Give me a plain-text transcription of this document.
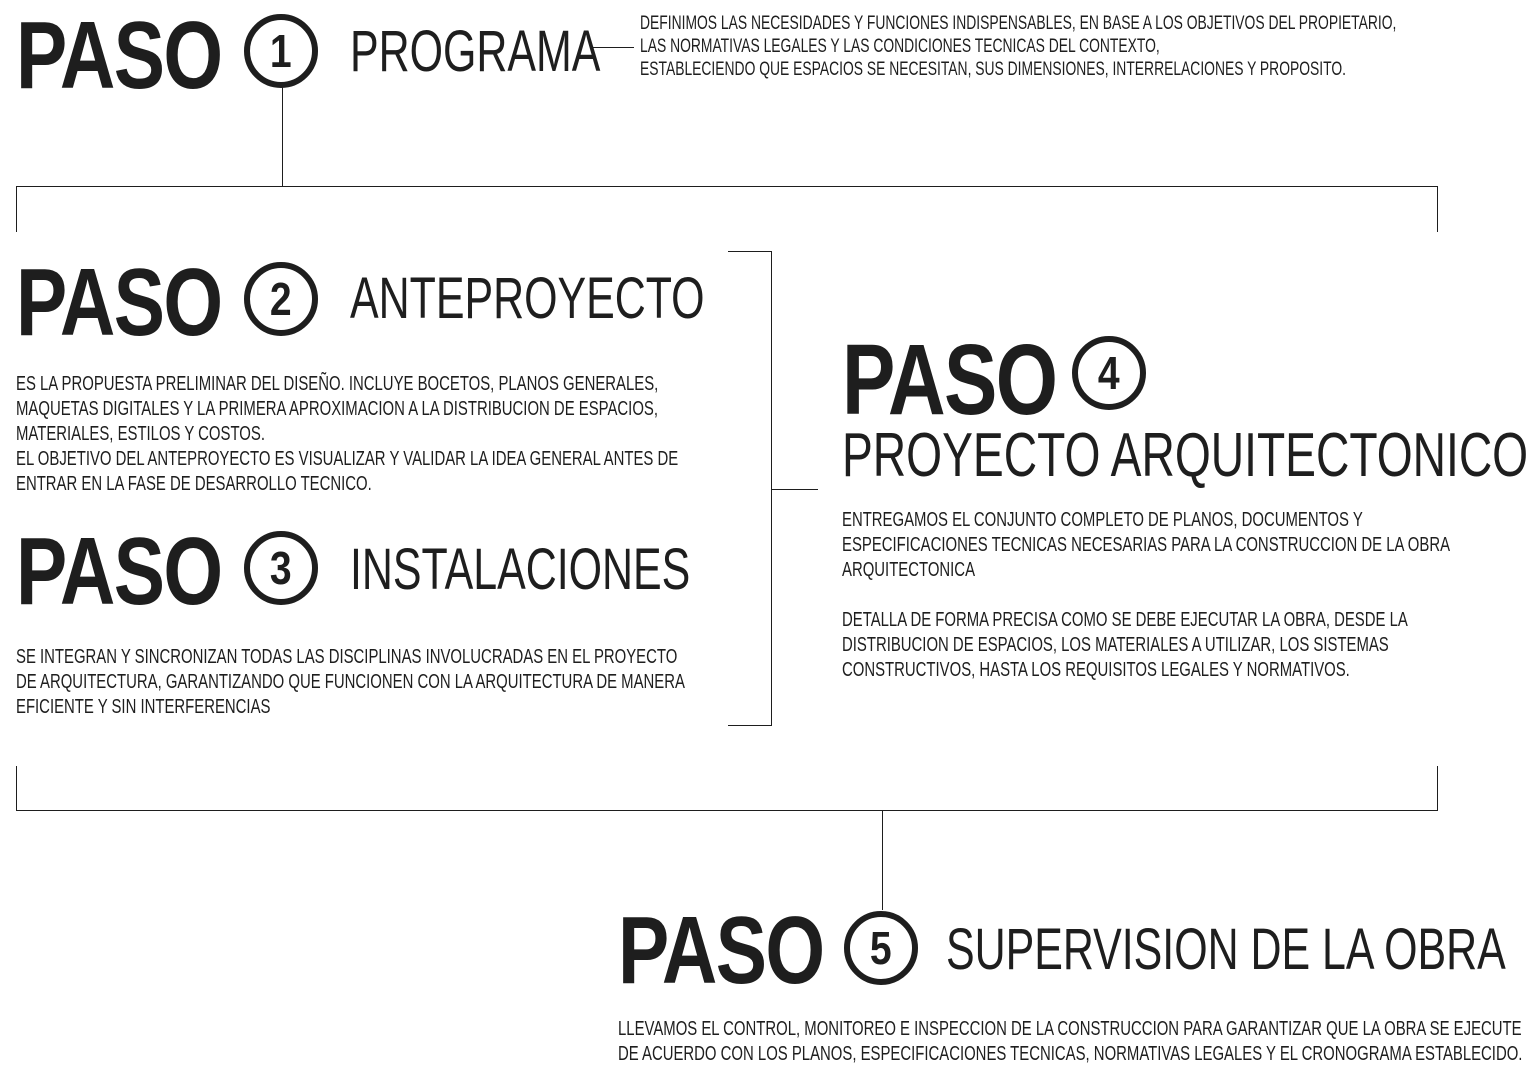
PASO 1 PROGRAMA DEFINIMOS LAS NECESIDADES Y FUNCIONES INDISPENSABLES, EN BASE A LOS OBJETIVOS DEL PROPIETARIO,
LAS NORMATIVAS LEGALES Y LAS CONDICIONES TECNICAS DEL CONTEXTO,
ESTABLECIENDO QUE ESPACIOS SE NECESITAN, SUS DIMENSIONES, INTERRELACIONES Y PROPOSITO.
PASO 2 ANTEPROYECTO
ES LA PROPUESTA PRELIMINAR DEL DISEÑO. INCLUYE BOCETOS, PLANOS GENERALES,
MAQUETAS DIGITALES Y LA PRIMERA APROXIMACION A LA DISTRIBUCION DE ESPACIOS,
MATERIALES, ESTILOS Y COSTOS.
EL OBJETIVO DEL ANTEPROYECTO ES VISUALIZAR Y VALIDAR LA IDEA GENERAL ANTES DE
ENTRAR EN LA FASE DE DESARROLLO TECNICO.
PASO 3 INSTALACIONES
SE INTEGRAN Y SINCRONIZAN TODAS LAS DISCIPLINAS INVOLUCRADAS EN EL PROYECTO
DE ARQUITECTURA, GARANTIZANDO QUE FUNCIONEN CON LA ARQUITECTURA DE MANERA
EFICIENTE Y SIN INTERFERENCIAS
PASO 4
PROYECTO ARQUITECTONICO
ENTREGAMOS EL CONJUNTO COMPLETO DE PLANOS, DOCUMENTOS Y
ESPECIFICACIONES TECNICAS NECESARIAS PARA LA CONSTRUCCION DE LA OBRA
ARQUITECTONICA
DETALLA DE FORMA PRECISA COMO SE DEBE EJECUTAR LA OBRA, DESDE LA
DISTRIBUCION DE ESPACIOS, LOS MATERIALES A UTILIZAR, LOS SISTEMAS
CONSTRUCTIVOS, HASTA LOS REQUISITOS LEGALES Y NORMATIVOS.
PASO 5 SUPERVISION DE LA OBRA
LLEVAMOS EL CONTROL, MONITOREO E INSPECCION DE LA CONSTRUCCION PARA GARANTIZAR QUE LA OBRA SE EJECUTE
DE ACUERDO CON LOS PLANOS, ESPECIFICACIONES TECNICAS, NORMATIVAS LEGALES Y EL CRONOGRAMA ESTABLECIDO.
